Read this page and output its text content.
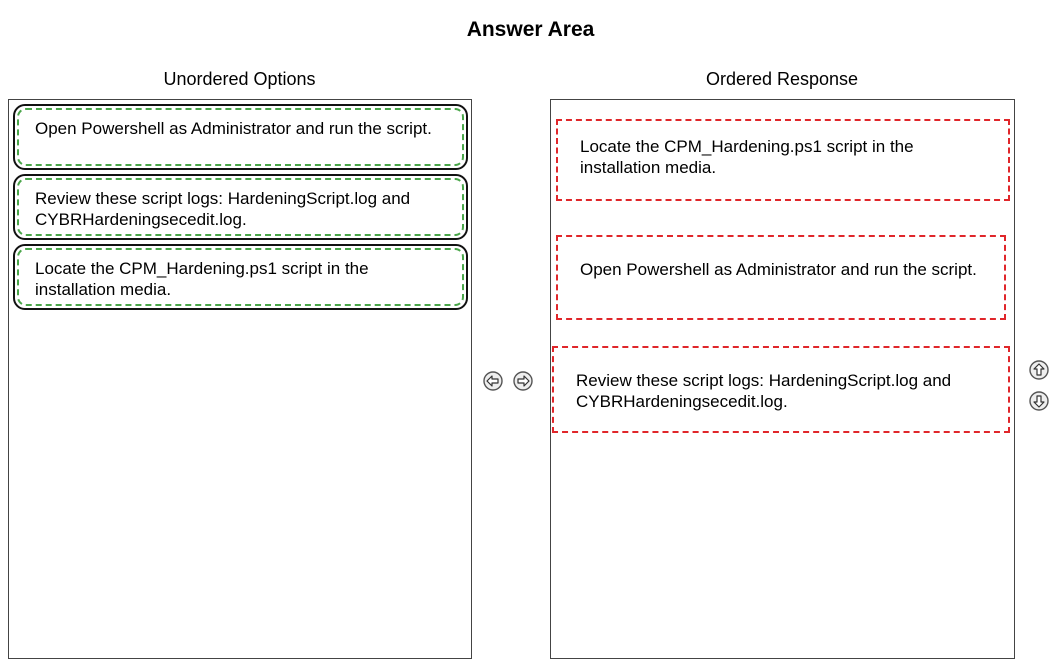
Answer Area
Unordered Options	Ordered Response
Open Powershell as Administrator and run the script.
Review these script logs: HardeningScript.log and CYBRHardeningsecedit.log.
Locate the CPM_Hardening.ps1 script in the installation media.
Locate the CPM_Hardening.ps1 script in the installation media.
Open Powershell as Administrator and run the script.
Review these script logs: HardeningScript.log and CYBRHardeningsecedit.log.
